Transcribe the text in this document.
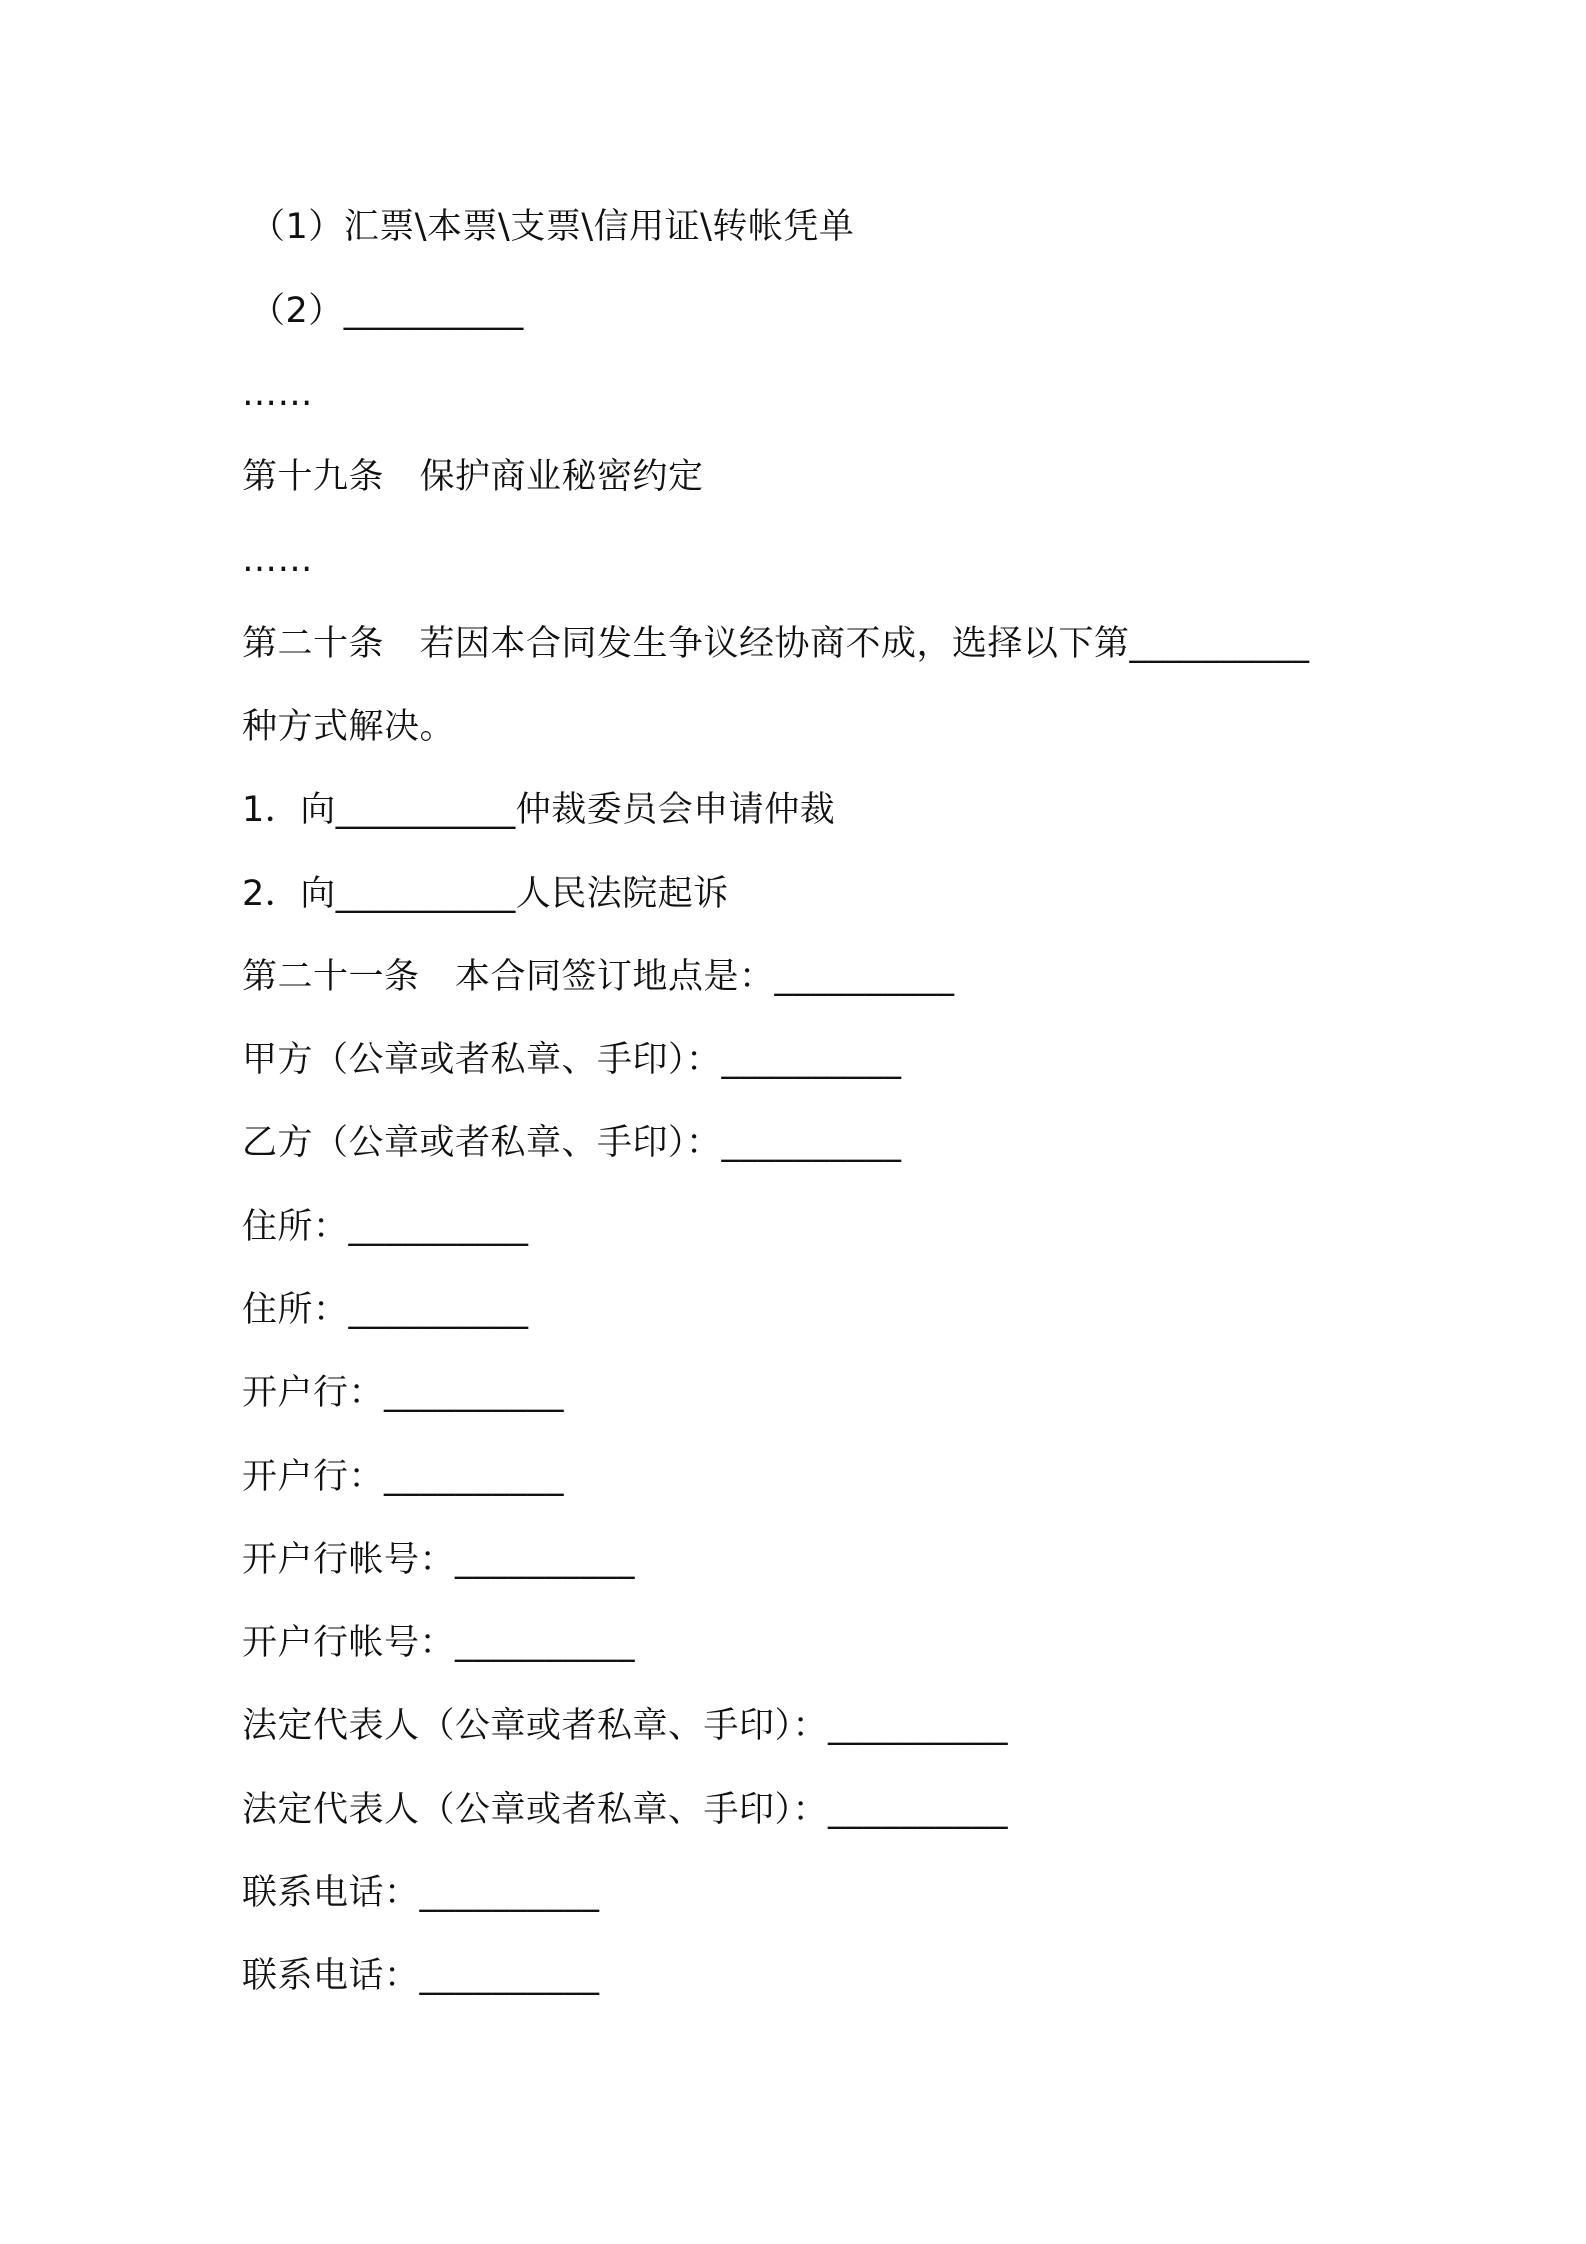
（1）汇票\本票\支票\信用证\转帐凭单
（2）__________
……
第十九条　保护商业秘密约定
……
第二十条　若因本合同发生争议经协商不成，选择以下第__________
种方式解决。
1．向__________仲裁委员会申请仲裁
2．向__________人民法院起诉
第二十一条　本合同签订地点是：__________
甲方（公章或者私章、手印）：__________
乙方（公章或者私章、手印）：__________
住所：__________
住所：__________
开户行：__________
开户行：__________
开户行帐号：__________
开户行帐号：__________
法定代表人（公章或者私章、手印）：__________
法定代表人（公章或者私章、手印）：__________
联系电话：__________
联系电话：__________
